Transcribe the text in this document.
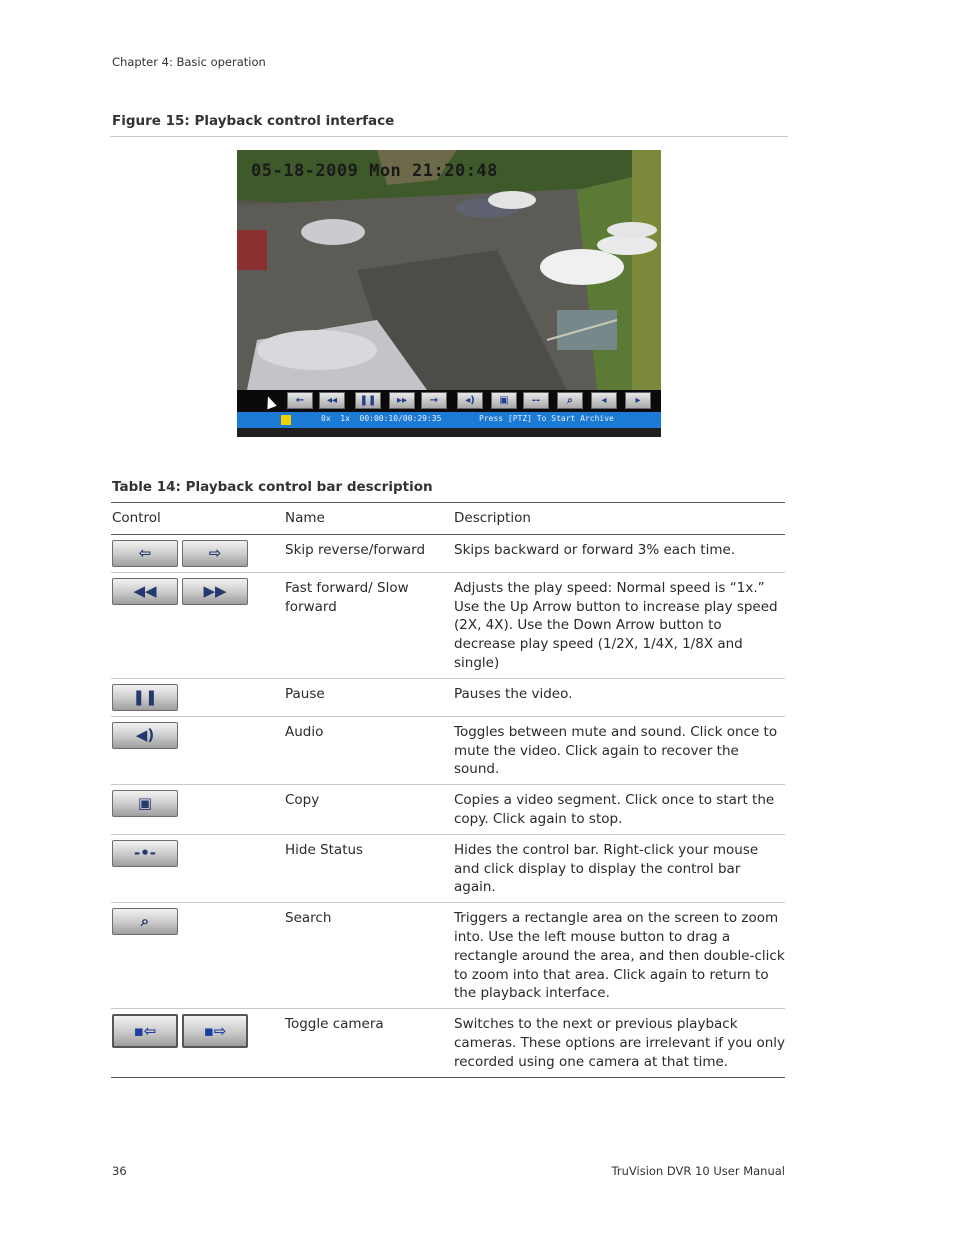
Chapter 4: Basic operation
Figure 15: Playback control interface
05-18-2009 Mon 21:20:48
←	◂◂	❚❚	▸▸	→	◂)	▣	‑‑	⌕	◂	▸
0x  1x  00:00:10/00:29:35	Press [PTZ] To Start Archive
Table 14: Playback control bar description
Control	Name	Description

⇦ ⇨	Skip reverse/forward	Skips backward or forward 3% each time.

◀◀ ▶▶	Fast forward/ Slow forward	Adjusts the play speed: Normal speed is “1x.” Use the Up Arrow button to increase play speed (2X, 4X). Use the Down Arrow button to decrease play speed (1/2X, 1/4X, 1/8X and single)

❚❚	Pause	Pauses the video.

◀)	Audio	Toggles between mute and sound. Click once to mute the video. Click again to recover the sound.

▣	Copy	Copies a video segment. Click once to start the copy. Click again to stop.

‑•‑	Hide Status	Hides the control bar. Right-click your mouse and click display to display the control bar again.

⌕	Search	Triggers a rectangle area on the screen to zoom into. Use the left mouse button to drag a rectangle around the area, and then double-click to zoom into that area. Click again to return to the playback interface.

▪⇦ ▪⇨	Toggle camera	Switches to the next or previous playback cameras. These options are irrelevant if you only recorded using one camera at that time.
36	TruVision DVR 10 User Manual
